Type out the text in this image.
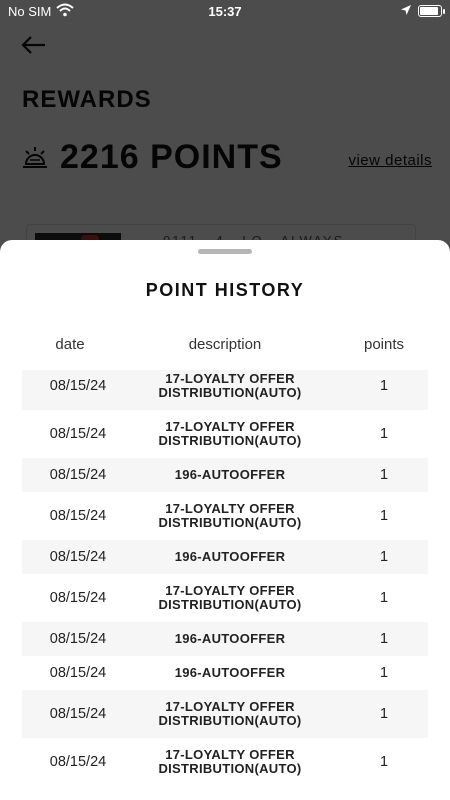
No SIM	15:37
POINT HISTORY
date	description	points
08/15/24	17-LOYALTY OFFER DISTRIBUTION(AUTO)	1
08/15/24	17-LOYALTY OFFER DISTRIBUTION(AUTO)	1
08/15/24	196-AUTOOFFER	1
08/15/24	17-LOYALTY OFFER DISTRIBUTION(AUTO)	1
08/15/24	196-AUTOOFFER	1
08/15/24	17-LOYALTY OFFER DISTRIBUTION(AUTO)	1
08/15/24	196-AUTOOFFER	1
08/15/24	196-AUTOOFFER	1
08/15/24	17-LOYALTY OFFER DISTRIBUTION(AUTO)	1
08/15/24	17-LOYALTY OFFER DISTRIBUTION(AUTO)	1
